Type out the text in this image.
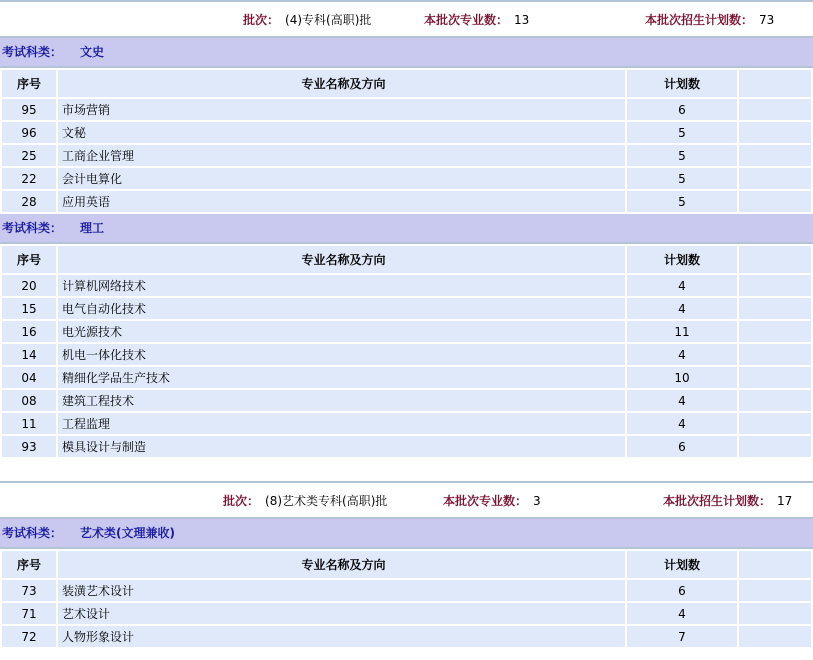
批次： (4)专科(高职)批	本批次专业数： 13	本批次招生计划数： 73
考试科类： 文史
序号	专业名称及方向	计划数	
95	市场营销	6	
96	文秘	5	
25	工商企业管理	5	
22	会计电算化	5	
28	应用英语	5	
考试科类： 理工
序号	专业名称及方向	计划数	
20	计算机网络技术	4	
15	电气自动化技术	4	
16	电光源技术	11	
14	机电一体化技术	4	
04	精细化学品生产技术	10	
08	建筑工程技术	4	
11	工程监理	4	
93	模具设计与制造	6	
批次： (8)艺术类专科(高职)批	本批次专业数： 3	本批次招生计划数： 17
考试科类： 艺术类(文理兼收)
序号	专业名称及方向	计划数	
73	装潢艺术设计	6	
71	艺术设计	4	
72	人物形象设计	7	
